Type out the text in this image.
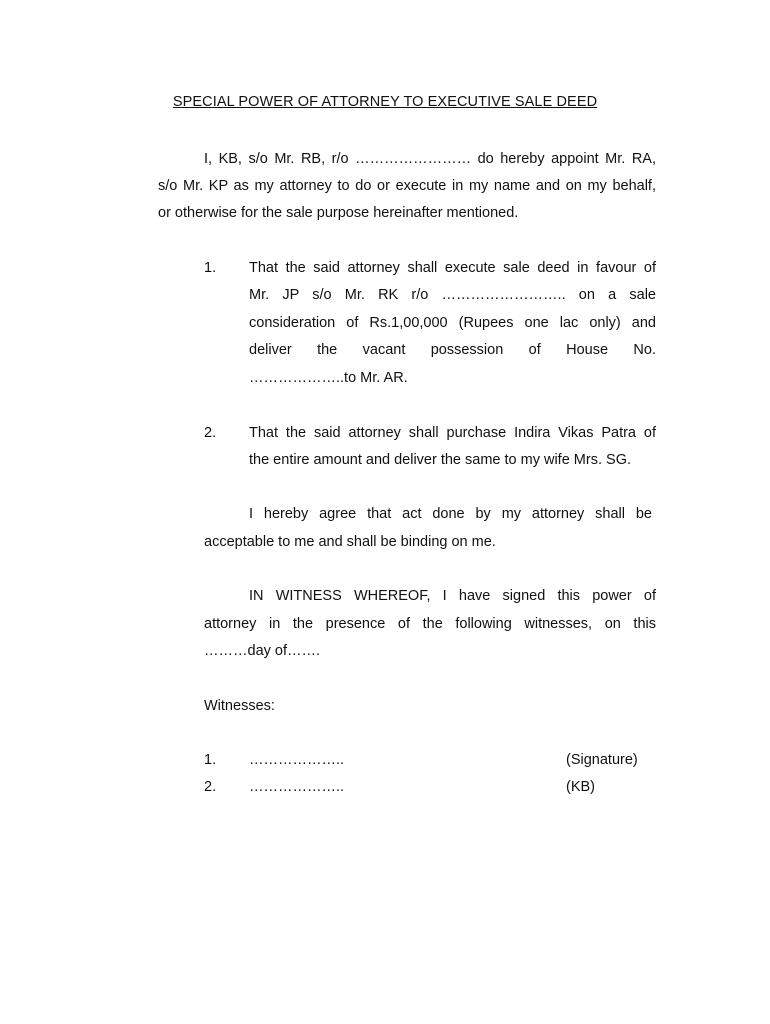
SPECIAL POWER OF ATTORNEY TO EXECUTIVE SALE DEED
I, KB, s/o Mr. RB, r/o …………………… do hereby appoint Mr. RA,
s/o Mr. KP as my attorney to do or execute in my name and on my behalf,
or otherwise for the sale purpose hereinafter mentioned.
1. That the said attorney shall execute sale deed in favour of
Mr. JP s/o Mr. RK r/o …………………….. on a sale
consideration of Rs.1,00,000 (Rupees one lac only) and
deliver the vacant possession of House No.
………………..to Mr. AR.
2. That the said attorney shall purchase Indira Vikas Patra of
the entire amount and deliver the same to my wife Mrs. SG.
I hereby agree that act done by my attorney shall be
acceptable to me and shall be binding on me.
IN WITNESS WHEREOF, I have signed this power of
attorney in the presence of the following witnesses, on this
………day of…….
Witnesses:
1. ………………..	(Signature)
2. ………………..	(KB)
